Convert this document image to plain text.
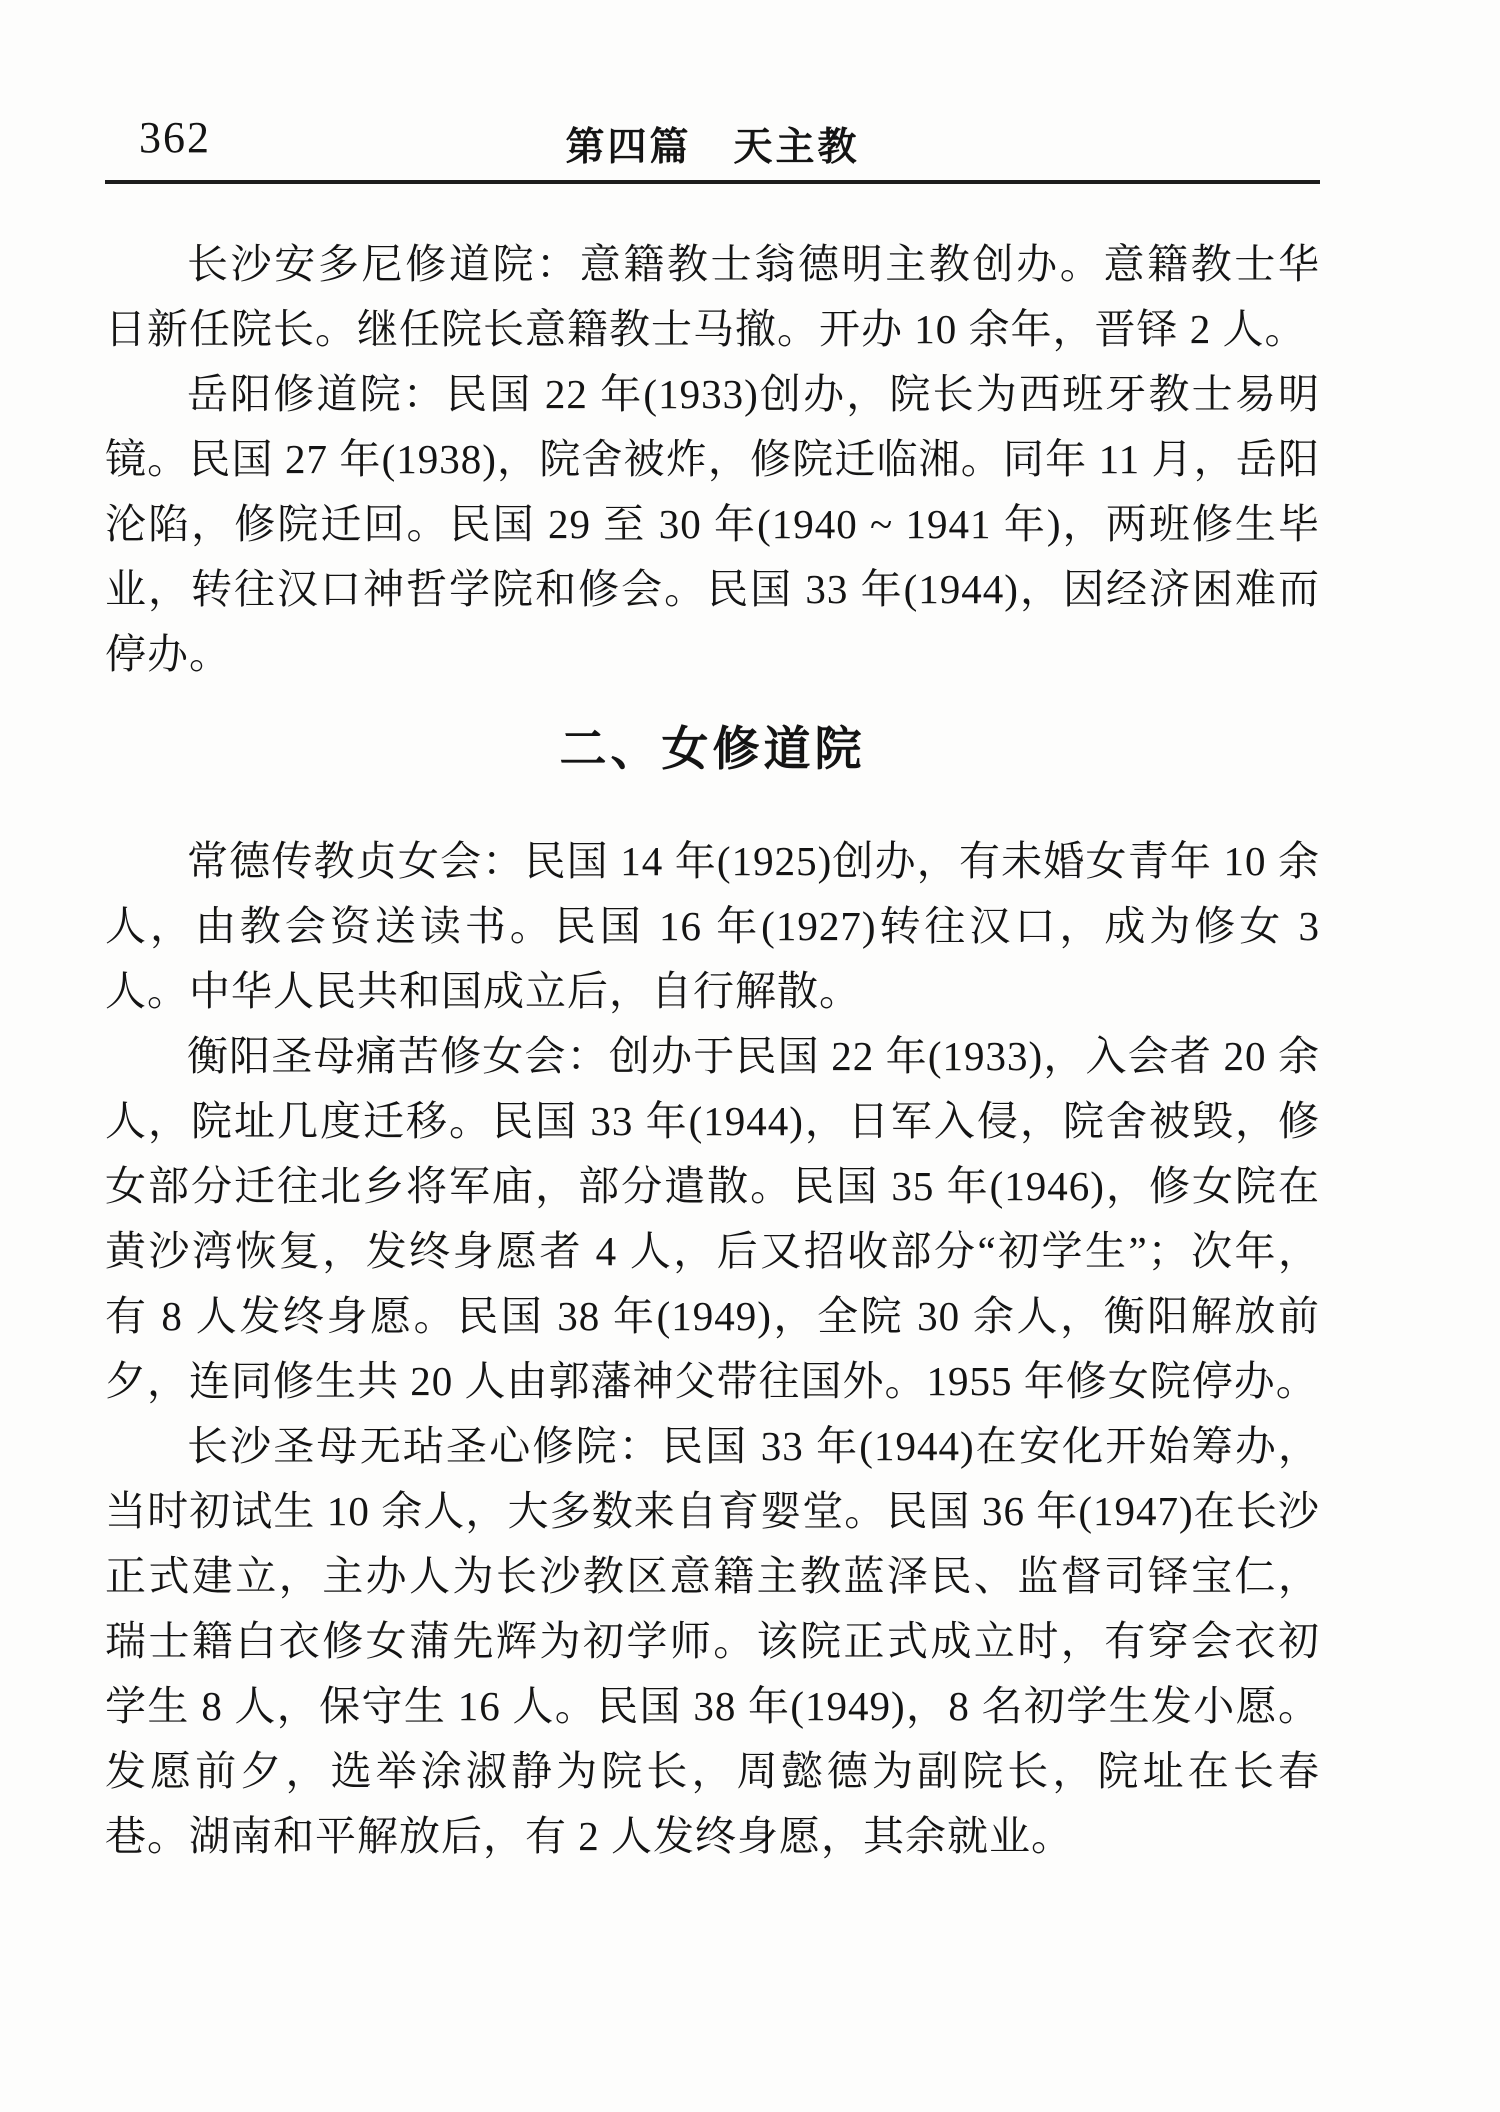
362	第四篇　天主教

长沙安多尼修道院：意籍教士翁德明主教创办。意籍教士华日新任院长。继任院长意籍教士马撤。开办 10 余年，晋铎 2 人。

岳阳修道院：民国 22 年(1933)创办，院长为西班牙教士易明镜。民国 27 年(1938)，院舍被炸，修院迁临湘。同年 11 月，岳阳沦陷，修院迁回。民国 29 至 30 年(1940 ~ 1941 年)，两班修生毕业，转往汉口神哲学院和修会。民国 33 年(1944)，因经济困难而停办。

二、女修道院

常德传教贞女会：民国 14 年(1925)创办，有未婚女青年 10 余人，由教会资送读书。民国 16 年(1927)转往汉口，成为修女 3 人。中华人民共和国成立后，自行解散。

衡阳圣母痛苦修女会：创办于民国 22 年(1933)，入会者 20 余人，院址几度迁移。民国 33 年(1944)，日军入侵，院舍被毁，修女部分迁往北乡将军庙，部分遣散。民国 35 年(1946)，修女院在黄沙湾恢复，发终身愿者 4 人，后又招收部分“初学生”；次年，有 8 人发终身愿。民国 38 年(1949)，全院 30 余人，衡阳解放前夕，连同修生共 20 人由郭藩神父带往国外。1955 年修女院停办。

长沙圣母无玷圣心修院：民国 33 年(1944)在安化开始筹办，当时初试生 10 余人，大多数来自育婴堂。民国 36 年(1947)在长沙正式建立，主办人为长沙教区意籍主教蓝泽民、监督司铎宝仁，瑞士籍白衣修女蒲先辉为初学师。该院正式成立时，有穿会衣初学生 8 人，保守生 16 人。民国 38 年(1949)，8 名初学生发小愿。发愿前夕，选举涂淑静为院长，周懿德为副院长，院址在长春巷。湖南和平解放后，有 2 人发终身愿，其余就业。
